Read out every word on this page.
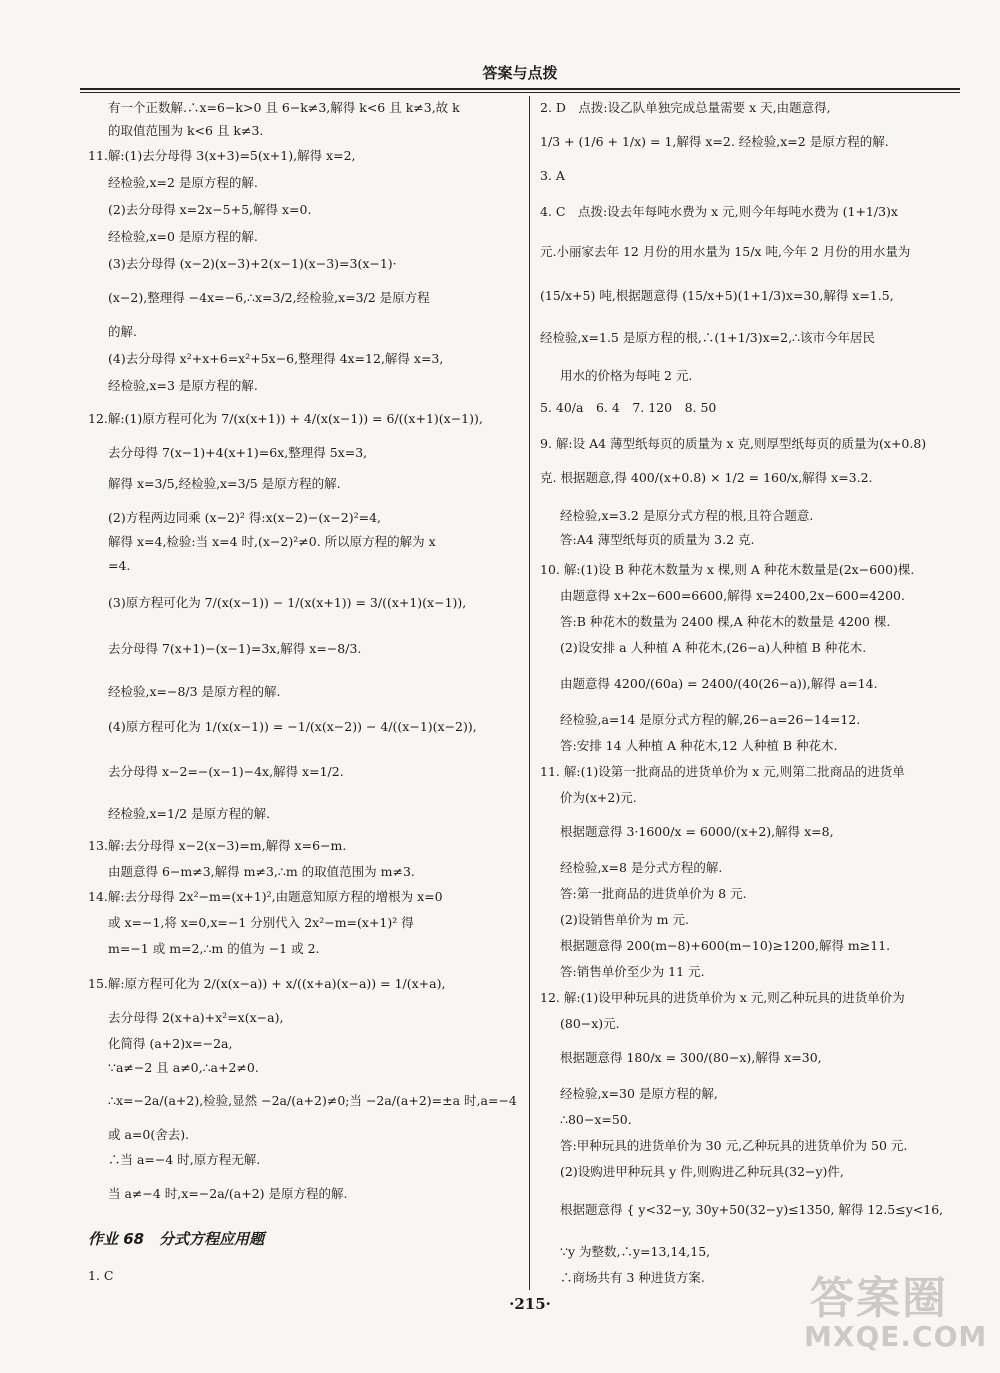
答案与点拨
有一个正数解.∴x=6−k>0 且 6−k≠3,解得 k<6 且 k≠3,故 k
的取值范围为 k<6 且 k≠3.
11.解:(1)去分母得 3(x+3)=5(x+1),解得 x=2,
经检验,x=2 是原方程的解.
(2)去分母得 x=2x−5+5,解得 x=0.
经检验,x=0 是原方程的解.
(3)去分母得 (x−2)(x−3)+2(x−1)(x−3)=3(x−1)·
(x−2),整理得 −4x=−6,∴x=3/2,经检验,x=3/2 是原方程
的解.
(4)去分母得 x²+x+6=x²+5x−6,整理得 4x=12,解得 x=3,
经检验,x=3 是原方程的解.
12.解:(1)原方程可化为 7/(x(x+1)) + 4/(x(x−1)) = 6/((x+1)(x−1)),
去分母得 7(x−1)+4(x+1)=6x,整理得 5x=3,
解得 x=3/5,经检验,x=3/5 是原方程的解.
(2)方程两边同乘 (x−2)² 得:x(x−2)−(x−2)²=4,
解得 x=4,检验:当 x=4 时,(x−2)²≠0. 所以原方程的解为 x
=4.
(3)原方程可化为 7/(x(x−1)) − 1/(x(x+1)) = 3/((x+1)(x−1)),
去分母得 7(x+1)−(x−1)=3x,解得 x=−8/3.
经检验,x=−8/3 是原方程的解.
(4)原方程可化为 1/(x(x−1)) = −1/(x(x−2)) − 4/((x−1)(x−2)),
去分母得 x−2=−(x−1)−4x,解得 x=1/2.
经检验,x=1/2 是原方程的解.
13.解:去分母得 x−2(x−3)=m,解得 x=6−m.
由题意得 6−m≠3,解得 m≠3,∴m 的取值范围为 m≠3.
14.解:去分母得 2x²−m=(x+1)²,由题意知原方程的增根为 x=0
或 x=−1,将 x=0,x=−1 分别代入 2x²−m=(x+1)² 得
m=−1 或 m=2,∴m 的值为 −1 或 2.
15.解:原方程可化为 2/(x(x−a)) + x/((x+a)(x−a)) = 1/(x+a),
去分母得 2(x+a)+x²=x(x−a),
化简得 (a+2)x=−2a,
∵a≠−2 且 a≠0,∴a+2≠0.
∴x=−2a/(a+2),检验,显然 −2a/(a+2)≠0;当 −2a/(a+2)=±a 时,a=−4
或 a=0(舍去).
∴当 a=−4 时,原方程无解.
当 a≠−4 时,x=−2a/(a+2) 是原方程的解.
作业 68　分式方程应用题
1. C
2. D　点拨:设乙队单独完成总量需要 x 天,由题意得,
1/3 + (1/6 + 1/x) = 1,解得 x=2. 经检验,x=2 是原方程的解.
3. A
4. C　点拨:设去年每吨水费为 x 元,则今年每吨水费为 (1+1/3)x
元.小丽家去年 12 月份的用水量为 15/x 吨,今年 2 月份的用水量为
(15/x+5) 吨,根据题意得 (15/x+5)(1+1/3)x=30,解得 x=1.5,
经检验,x=1.5 是原方程的根,∴(1+1/3)x=2,∴该市今年居民
用水的价格为每吨 2 元.
5. 40/a　6. 4　7. 120　8. 50
9. 解:设 A4 薄型纸每页的质量为 x 克,则厚型纸每页的质量为(x+0.8)
克. 根据题意,得 400/(x+0.8) × 1/2 = 160/x,解得 x=3.2.
经检验,x=3.2 是原分式方程的根,且符合题意.
答:A4 薄型纸每页的质量为 3.2 克.
10. 解:(1)设 B 种花木数量为 x 棵,则 A 种花木数量是(2x−600)棵.
由题意得 x+2x−600=6600,解得 x=2400,2x−600=4200.
答:B 种花木的数量为 2400 棵,A 种花木的数量是 4200 棵.
(2)设安排 a 人种植 A 种花木,(26−a)人种植 B 种花木.
由题意得 4200/(60a) = 2400/(40(26−a)),解得 a=14.
经检验,a=14 是原分式方程的解,26−a=26−14=12.
答:安排 14 人种植 A 种花木,12 人种植 B 种花木.
11. 解:(1)设第一批商品的进货单价为 x 元,则第二批商品的进货单
价为(x+2)元.
根据题意得 3·1600/x = 6000/(x+2),解得 x=8,
经检验,x=8 是分式方程的解.
答:第一批商品的进货单价为 8 元.
(2)设销售单价为 m 元.
根据题意得 200(m−8)+600(m−10)≥1200,解得 m≥11.
答:销售单价至少为 11 元.
12. 解:(1)设甲种玩具的进货单价为 x 元,则乙种玩具的进货单价为
(80−x)元.
根据题意得 180/x = 300/(80−x),解得 x=30,
经检验,x=30 是原方程的解,
∴80−x=50.
答:甲种玩具的进货单价为 30 元,乙种玩具的进货单价为 50 元.
(2)设购进甲种玩具 y 件,则购进乙种玩具(32−y)件,
根据题意得 { y<32−y, 30y+50(32−y)≤1350, 解得 12.5≤y<16,
∵y 为整数,∴y=13,14,15,
∴商场共有 3 种进货方案.
·215·	答案圈
MXQE.COM
